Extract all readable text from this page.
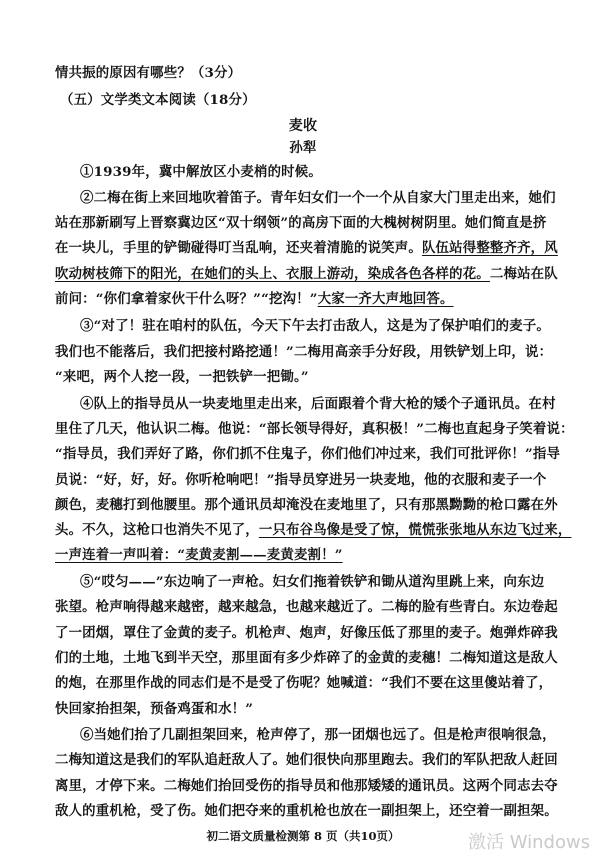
情共振的原因有哪些？（3分）
（五）文学类文本阅读（18分）
麦收
孙犁
①1939年，冀中解放区小麦梢的时候。
②二梅在街上来回地吹着笛子。青年妇女们一个一个从自家大门里走出来，她们
站在那新刷写上晋察冀边区“双十纲领”的高房下面的大槐树树阴里。她们简直是挤
在一块儿，手里的铲锄碰得叮当乱响，还夹着清脆的说笑声。队伍站得整整齐齐，风
吹动树枝筛下的阳光，在她们的头上、衣服上游动，染成各色各样的花。二梅站在队
前问：“你们拿着家伙干什么呀？”“挖沟！”大家一齐大声地回答。
③“对了！驻在咱村的队伍，今天下午去打击敌人，这是为了保护咱们的麦子。
我们也不能落后，我们把接村路挖通！”二梅用高亲手分好段，用铁铲划上印，说：
“来吧，两个人挖一段，一把铁铲一把锄。”
④队上的指导员从一块麦地里走出来，后面跟着个背大枪的矮个子通讯员。在村
里住了几天，他认识二梅。他说：“部长领导得好，真积极！”二梅也直起身子笑着说：
“指导员，我们弄好了路，你们抓不住鬼子，你们他们冲过来，我们可批评你！”指导
员说：“好，好，好。你听枪响吧！”指导员穿进另一块麦地，他的衣服和麦子一个
颜色，麦穗打到他腰里。那个通讯员却淹没在麦地里了，只有那黑黝黝的枪口露在外
头。不久，这枪口也消失不见了，一只布谷鸟像是受了惊，慌慌张张地从东边飞过来，
一声连着一声叫着：“麦黄麦割——麦黄麦割！”
⑤“哎匀——”东边响了一声枪。妇女们拖着铁铲和锄从道沟里跳上来，向东边
张望。枪声响得越来越密，越来越急，也越来越近了。二梅的脸有些青白。东边卷起
了一团烟，罩住了金黄的麦子。机枪声、炮声，好像压低了那里的麦子。炮弹炸碎我
们的土地，土地飞到半天空，那里面有多少炸碎了的金黄的麦穗！二梅知道这是敌人
的炮，在那里作战的同志们是不是受了伤呢？她喊道：“我们不要在这里傻站着了，
快回家抬担架，预备鸡蛋和水！”
⑥当她们抬了几副担架回来，枪声停了，那一团烟也远了。但是枪声很响很急，
二梅知道这是我们的军队追赶敌人了。她们很快向那里跑去。我们的军队把敌人赶回
离里，才停下来。二梅她们抬回受伤的指导员和他那矮矮的通讯员。这两个同志去夺
敌人的重机枪，受了伤。她们把夺来的重机枪也放在一副担架上，还空着一副担架。
初二语文质量检测第 8 页（共10页）	激活 Windows
